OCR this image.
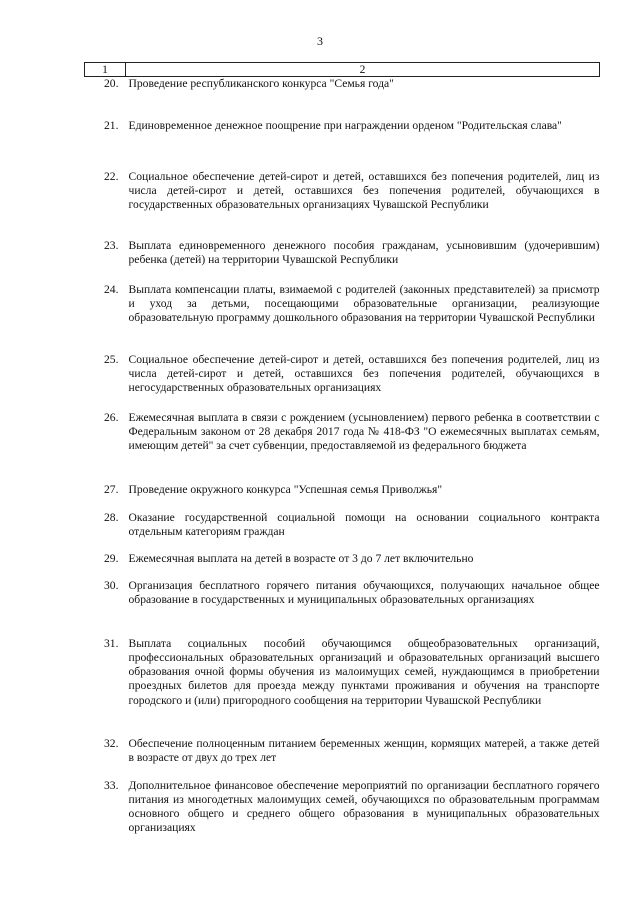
3
1	2
20.	Проведение республиканского конкурса "Семья года"
21.	Единовременное денежное поощрение при награждении орденом "Родительская слава"
22.	Социальное обеспечение детей-сирот и детей, оставшихся без попечения родителей, лиц из числа детей-сирот и детей, оставшихся без попечения родителей, обучающихся в государственных образовательных организациях Чувашской Республики
23.	Выплата единовременного денежного пособия гражданам, усыновившим (удочерившим) ребенка (детей) на территории Чувашской Республики
24.	Выплата компенсации платы, взимаемой с родителей (законных представителей) за присмотр и уход за детьми, посещающими образовательные организации, реализующие образовательную программу дошкольного образования на территории Чувашской Республики
25.	Социальное обеспечение детей-сирот и детей, оставшихся без попечения родителей, лиц из числа детей-сирот и детей, оставшихся без попечения родителей, обучающихся в негосударственных образовательных организациях
26.	Ежемесячная выплата в связи с рождением (усыновлением) первого ребенка в соответствии с Федеральным законом от 28 декабря 2017 года № 418-ФЗ "О ежемесячных выплатах семьям, имеющим детей" за счет субвенции, предоставляемой из федерального бюджета
27.	Проведение окружного конкурса "Успешная семья Приволжья"
28.	Оказание государственной социальной помощи на основании социального контракта отдельным категориям граждан
29.	Ежемесячная выплата на детей в возрасте от 3 до 7 лет включительно
30.	Организация бесплатного горячего питания обучающихся, получающих начальное общее образование в государственных и муниципальных образовательных организациях
31.	Выплата социальных пособий обучающимся общеобразовательных организаций, профессиональных образовательных организаций и образовательных организаций высшего образования очной формы обучения из малоимущих семей, нуждающимся в приобретении проездных билетов для проезда между пунктами проживания и обучения на транспорте городского и (или) пригородного сообщения на территории Чувашской Республики
32.	Обеспечение полноценным питанием беременных женщин, кормящих матерей, а также детей в возрасте от двух до трех лет
33.	Дополнительное финансовое обеспечение мероприятий по организации бесплатного горячего питания из многодетных малоимущих семей, обучающихся по образовательным программам основного общего и среднего общего образования в муниципальных образовательных организациях
